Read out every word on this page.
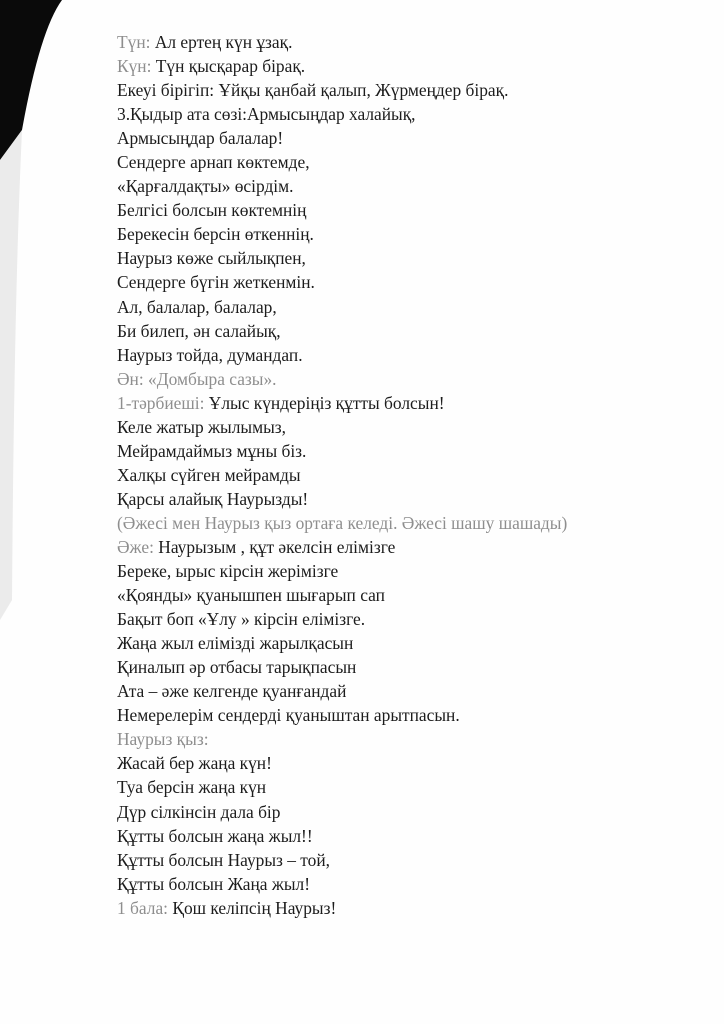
Түн: Ал ертең күн ұзақ.
Күн: Түн қысқарар бірақ.
Екеуі бірігіп: Ұйқы қанбай қалып, Жүрмеңдер бірақ.
3.Қыдыр ата сөзі:Армысыңдар халайық,
Армысыңдар балалар!
Сендерге арнап көктемде,
«Қарғалдақты» өсірдім.
Белгісі болсын көктемнің
Берекесін берсін өткеннің.
Наурыз көже сыйлықпен,
Сендерге бүгін жеткенмін.
Ал, балалар, балалар,
Би билеп, ән салайық,
Наурыз тойда, думандап.
Ән: «Домбыра сазы».
1-тәрбиеші: Ұлыс күндеріңіз құтты болсын!
Келе жатыр жылымыз,
Мейрамдаймыз мұны біз.
Халқы сүйген мейрамды
Қарсы алайық Наурызды!
(Әжесі мен Наурыз қыз ортаға келеді. Әжесі шашу шашады)
Әже: Наурызым , құт әкелсін елімізге
Береке, ырыс кірсін жерімізге
«Қоянды» қуанышпен шығарып сап
Бақыт боп «Ұлу » кірсін елімізге.
Жаңа жыл елімізді жарылқасын
Қиналып әр отбасы тарықпасын
Ата – әже келгенде қуанғандай
Немерелерім сендерді қуаныштан арытпасын.
Наурыз қыз:
Жасай бер жаңа күн!
Туа берсін жаңа күн
Дүр сілкінсін дала бір
Құтты болсын жаңа жыл!!
Құтты болсын Наурыз – той,
Құтты болсын Жаңа жыл!
1 бала: Қош келіпсің Наурыз!
